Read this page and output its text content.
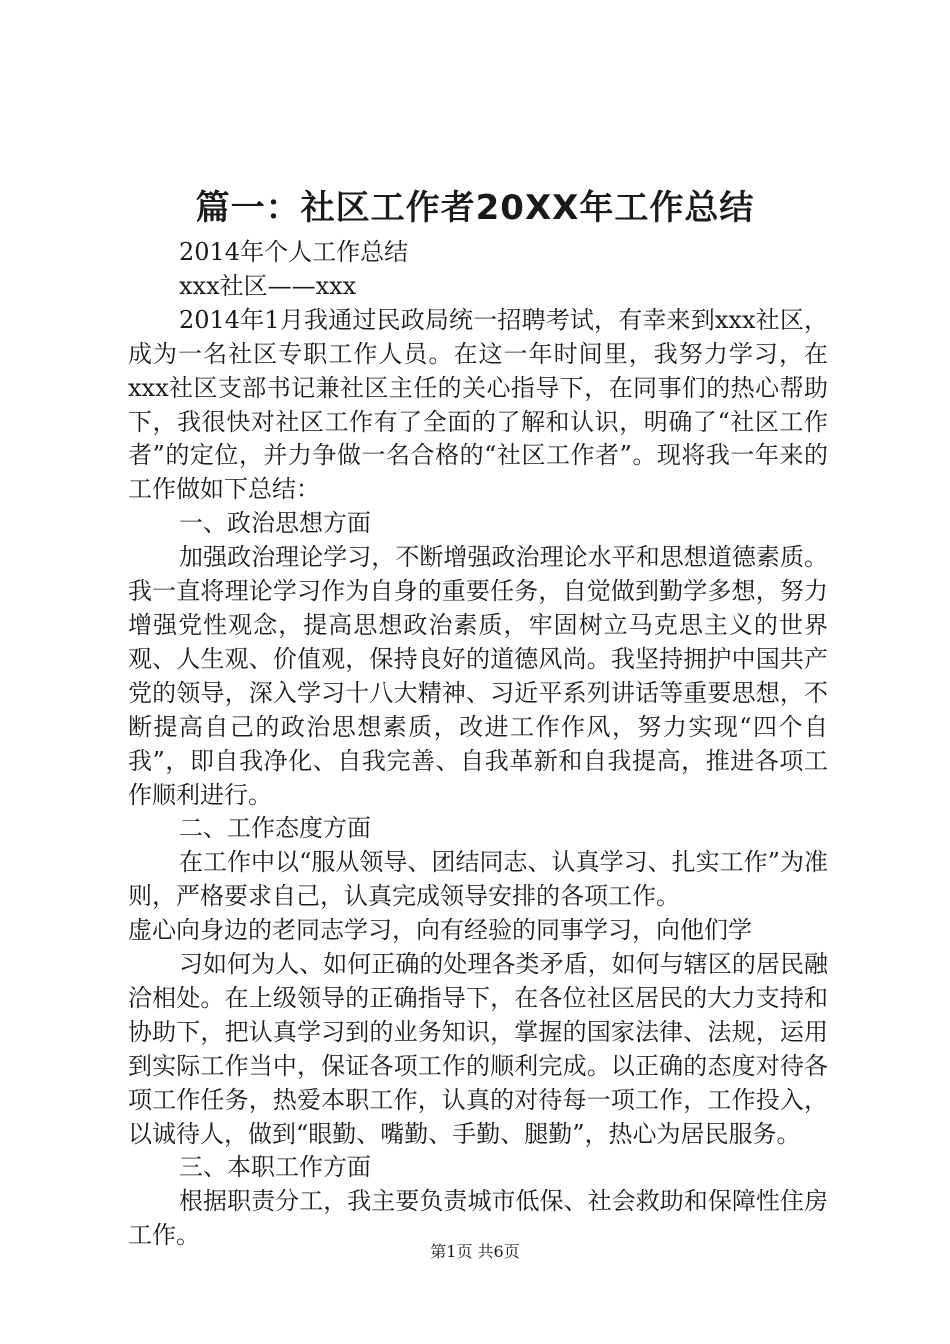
篇一：社区工作者20XX年工作总结

2014年个人工作总结

xxx社区——xxx

2014年1月我通过民政局统一招聘考试，有幸来到xxx社区，成为一名社区专职工作人员。在这一年时间里，我努力学习，在xxx社区支部书记兼社区主任的关心指导下，在同事们的热心帮助下，我很快对社区工作有了全面的了解和认识，明确了“社区工作者”的定位，并力争做一名合格的“社区工作者”。现将我一年来的工作做如下总结：

一、政治思想方面

加强政治理论学习，不断增强政治理论水平和思想道德素质。我一直将理论学习作为自身的重要任务，自觉做到勤学多想，努力增强党性观念，提高思想政治素质，牢固树立马克思主义的世界观、人生观、价值观，保持良好的道德风尚。我坚持拥护中国共产党的领导，深入学习十八大精神、习近平系列讲话等重要思想，不断提高自己的政治思想素质，改进工作作风，努力实现“四个自我”，即自我净化、自我完善、自我革新和自我提高，推进各项工作顺利进行。

二、工作态度方面

在工作中以“服从领导、团结同志、认真学习、扎实工作”为准则，严格要求自己，认真完成领导安排的各项工作。

虚心向身边的老同志学习，向有经验的同事学习，向他们学

习如何为人、如何正确的处理各类矛盾，如何与辖区的居民融洽相处。在上级领导的正确指导下，在各位社区居民的大力支持和协助下，把认真学习到的业务知识，掌握的国家法律、法规，运用到实际工作当中，保证各项工作的顺利完成。以正确的态度对待各项工作任务，热爱本职工作，认真的对待每一项工作，工作投入，以诚待人，做到“眼勤、嘴勤、手勤、腿勤”，热心为居民服务。

三、本职工作方面

根据职责分工，我主要负责城市低保、社会救助和保障性住房工作。

第1页 共6页
